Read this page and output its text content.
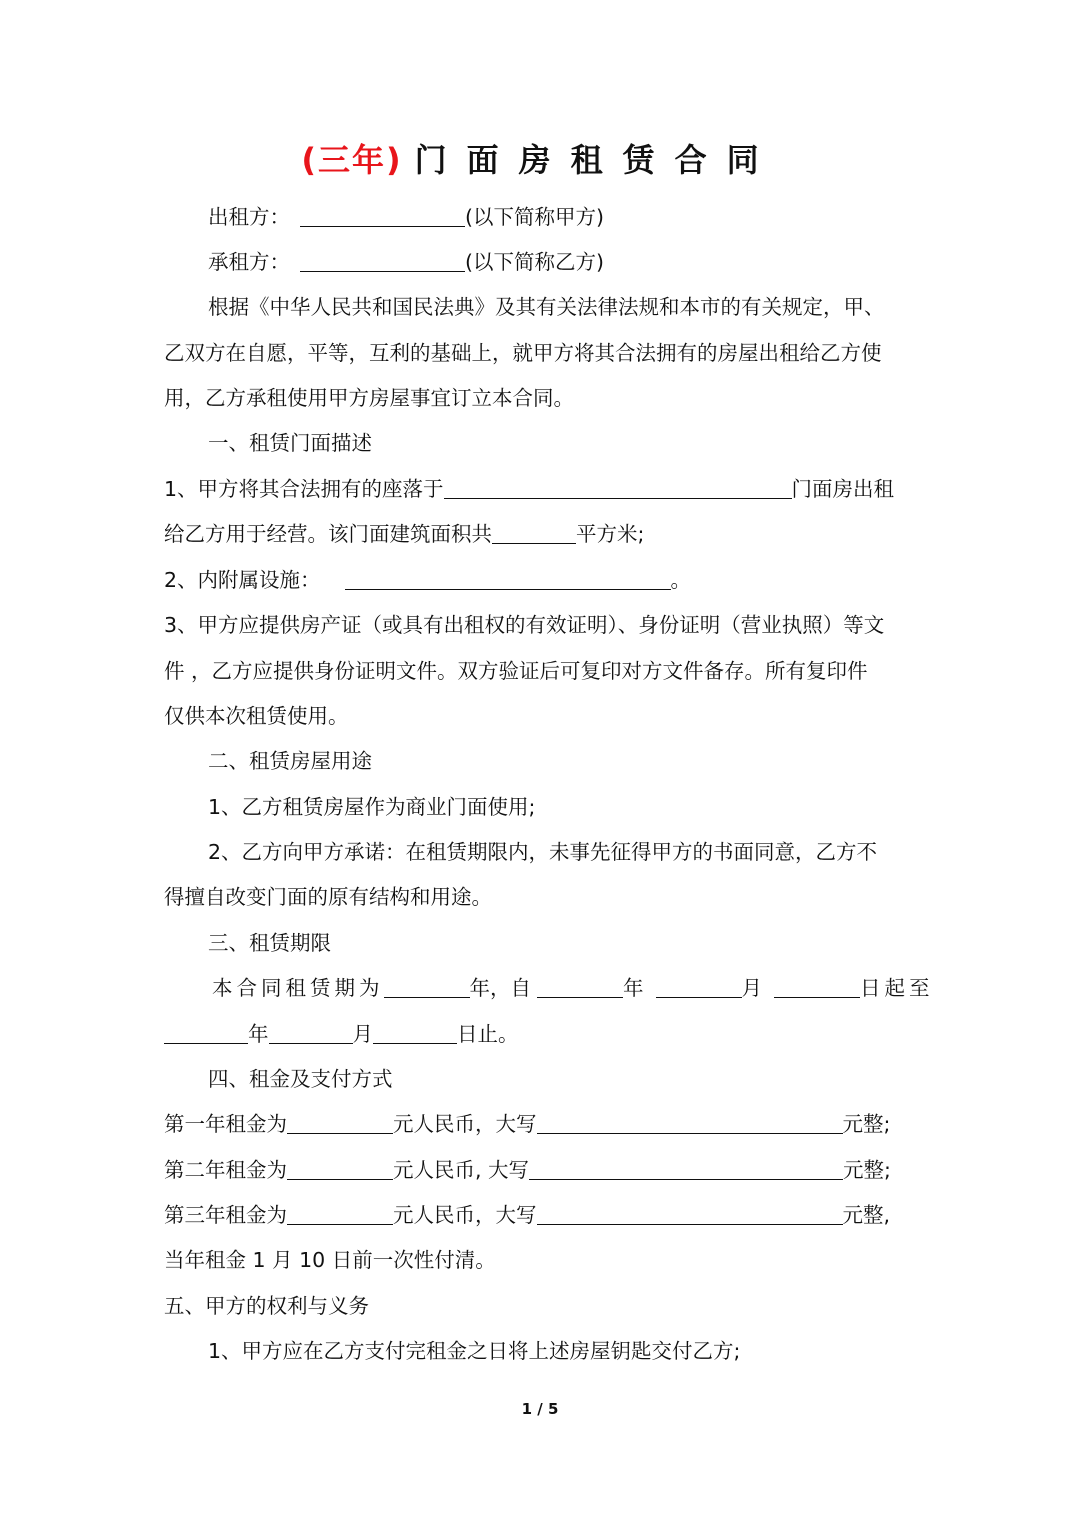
(三年) 门面房租赁合同
出租方：	(以下简称甲方)
承租方：	(以下简称乙方)
根据《中华人民共和国民法典》及其有关法律法规和本市的有关规定，甲、
乙双方在自愿，平等，互利的基础上，就甲方将其合法拥有的房屋出租给乙方使
用，乙方承租使用甲方房屋事宜订立本合同。
一、租赁门面描述
1、甲方将其合法拥有的座落于	门面房出租
给乙方用于经营。该门面建筑面积共	平方米;
2、内附属设施：	。
3、甲方应提供房产证（或具有出租权的有效证明）、身份证明（营业执照）等文
件 ，乙方应提供身份证明文件。双方验证后可复印对方文件备存。所有复印件
仅供本次租赁使用。
二、租赁房屋用途
1、乙方租赁房屋作为商业门面使用;
2、乙方向甲方承诺：在租赁期限内，未事先征得甲方的书面同意，乙方不
得擅自改变门面的原有结构和用途。
三、租赁期限
本合同租赁期为	年，自	年	月	日起至
年	月	日止。
四、租金及支付方式
第一年租金为	元人民币，大写	元整;
第二年租金为	元人民币, 大写	元整;
第三年租金为	元人民币，大写	元整,
当年租金 1 月 10 日前一次性付清。
五、甲方的权利与义务
1、甲方应在乙方支付完租金之日将上述房屋钥匙交付乙方;
1 / 5
